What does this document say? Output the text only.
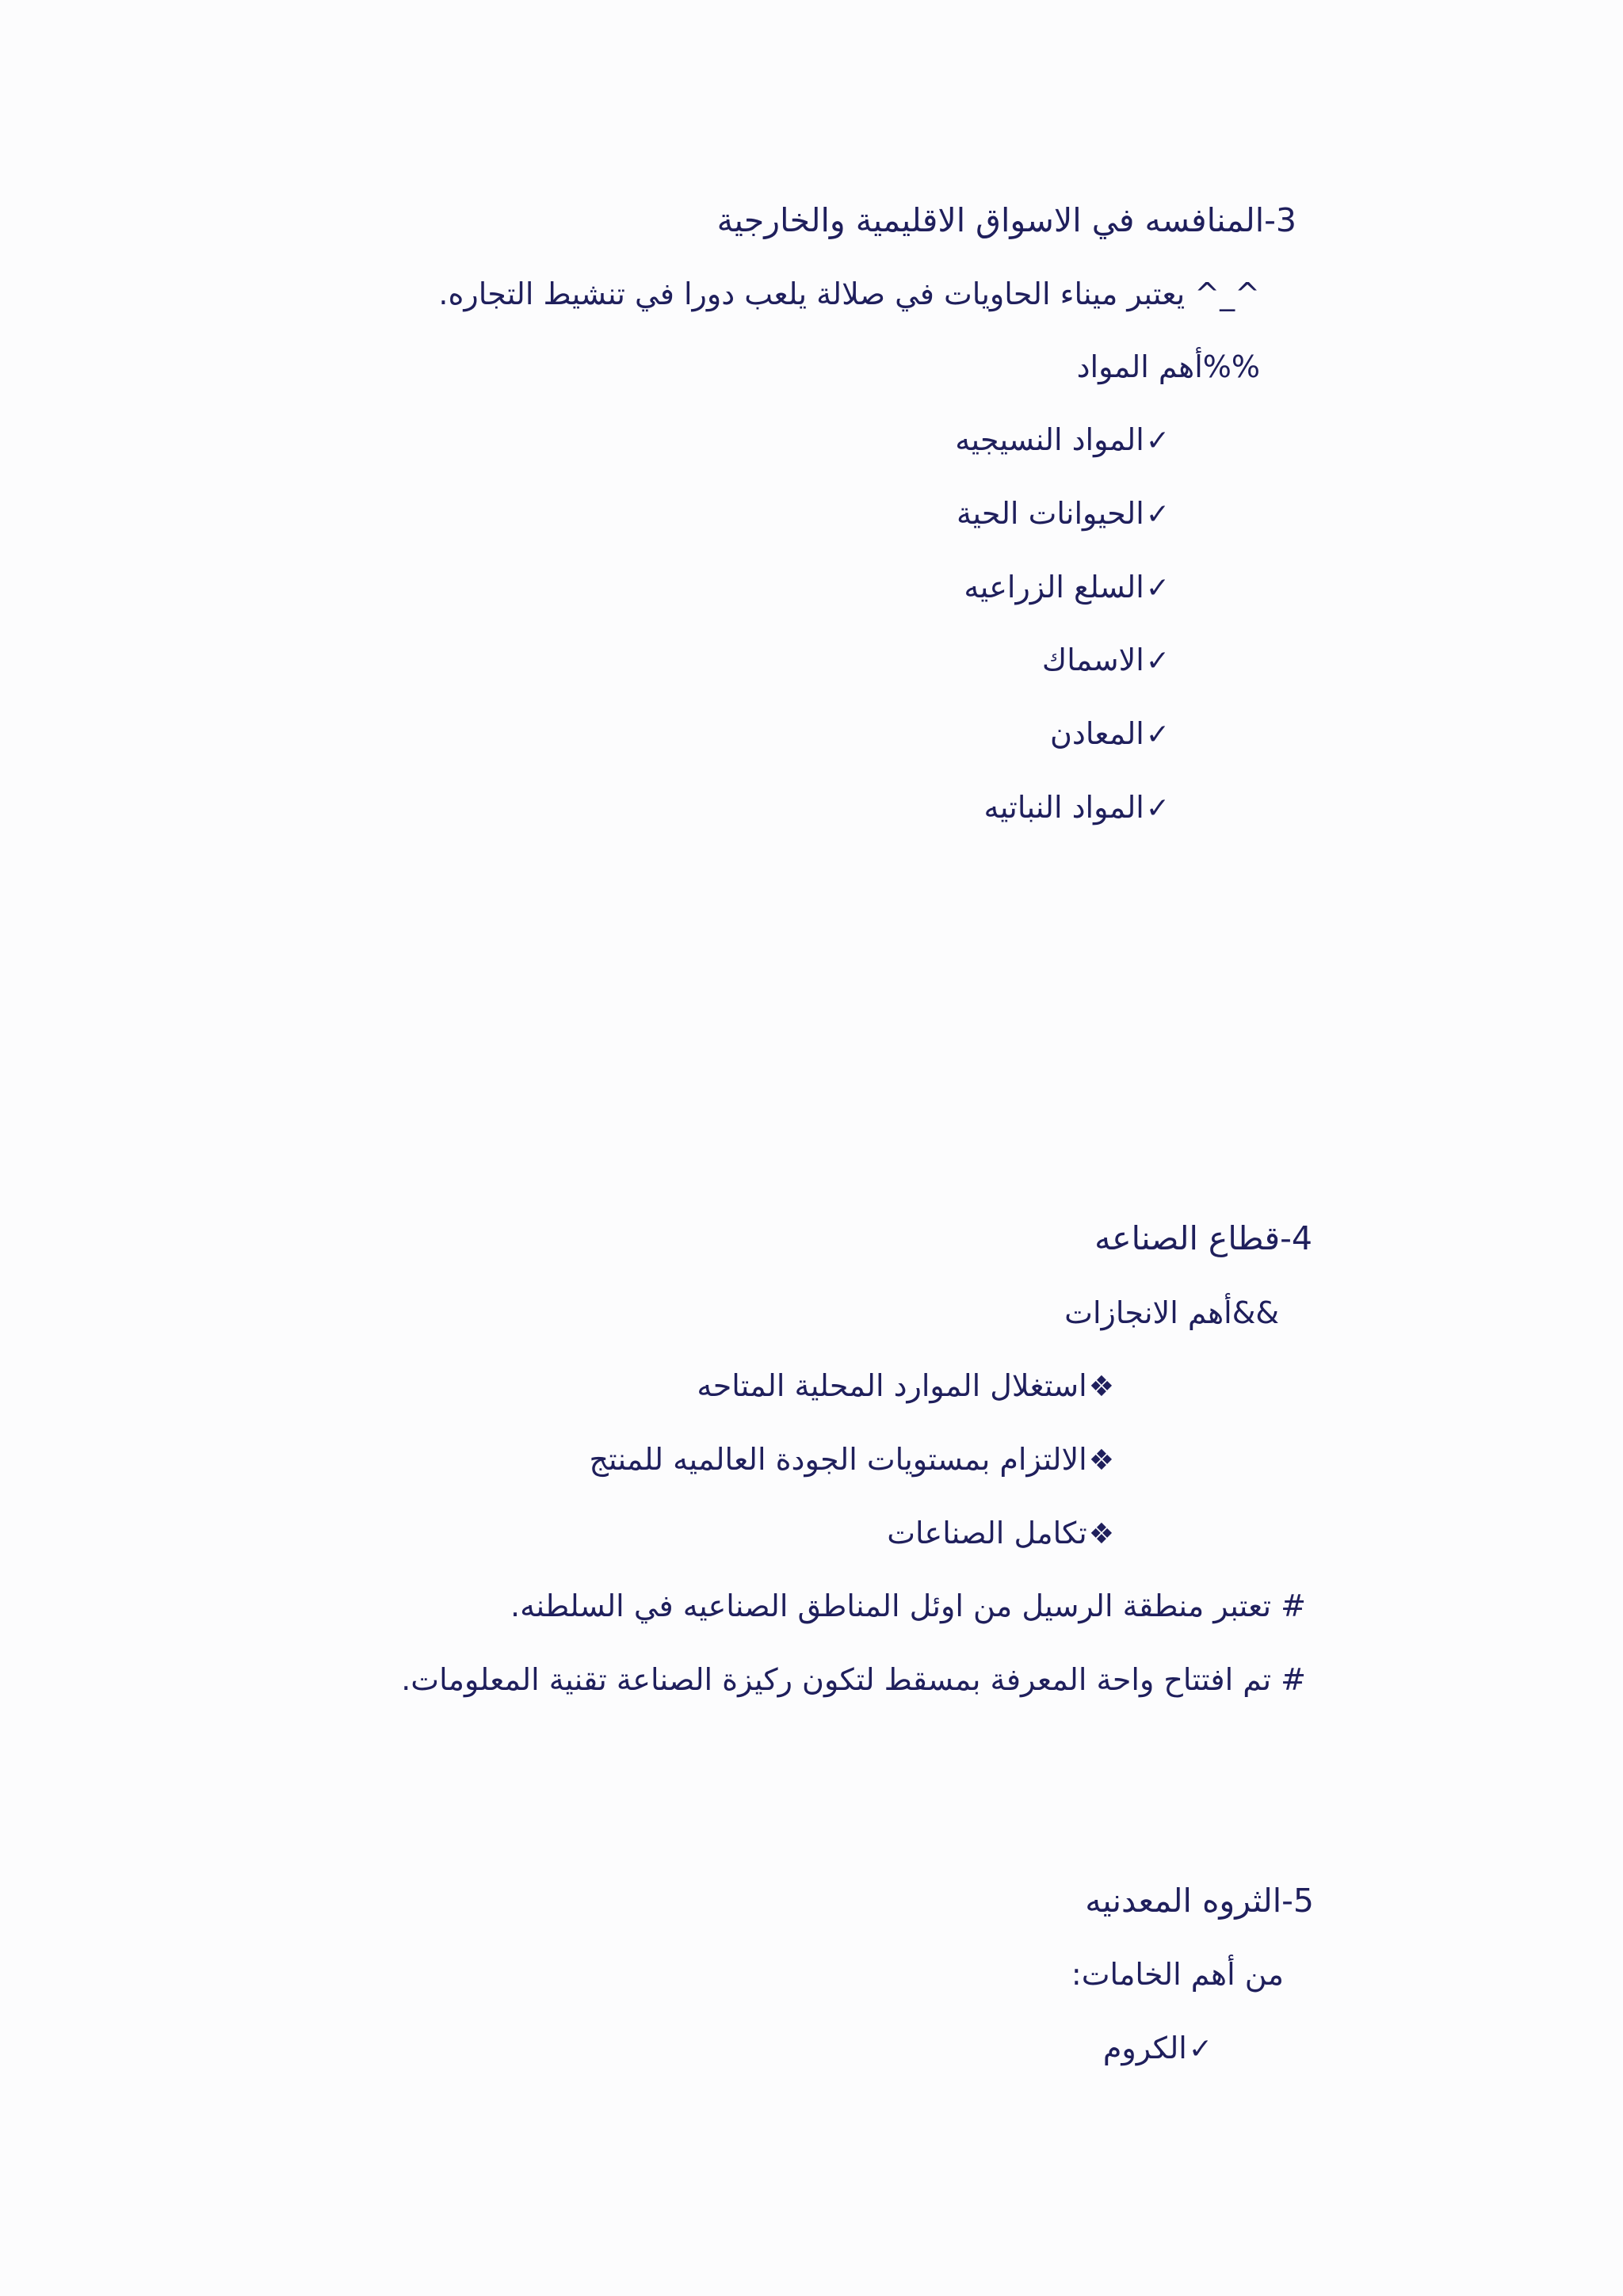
3-المنافسه في الاسواق الاقليمية والخارجية
^_^ يعتبر ميناء الحاويات في صلالة يلعب دورا في تنشيط التجاره.
%%أهم المواد
✓المواد النسيجيه
✓الحيوانات الحية
✓السلع الزراعيه
✓الاسماك
✓المعادن
✓المواد النباتيه
4-قطاع الصناعه
&&أهم الانجازات
❖استغلال الموارد المحلية المتاحه
❖الالتزام بمستويات الجودة العالميه للمنتج
❖تكامل الصناعات
# تعتبر منطقة الرسيل من اوئل المناطق الصناعيه في السلطنه.
# تم افتتاح واحة المعرفة بمسقط لتكون ركيزة الصناعة تقنية المعلومات.
5-الثروه المعدنيه
من أهم الخامات:
✓الكروم
